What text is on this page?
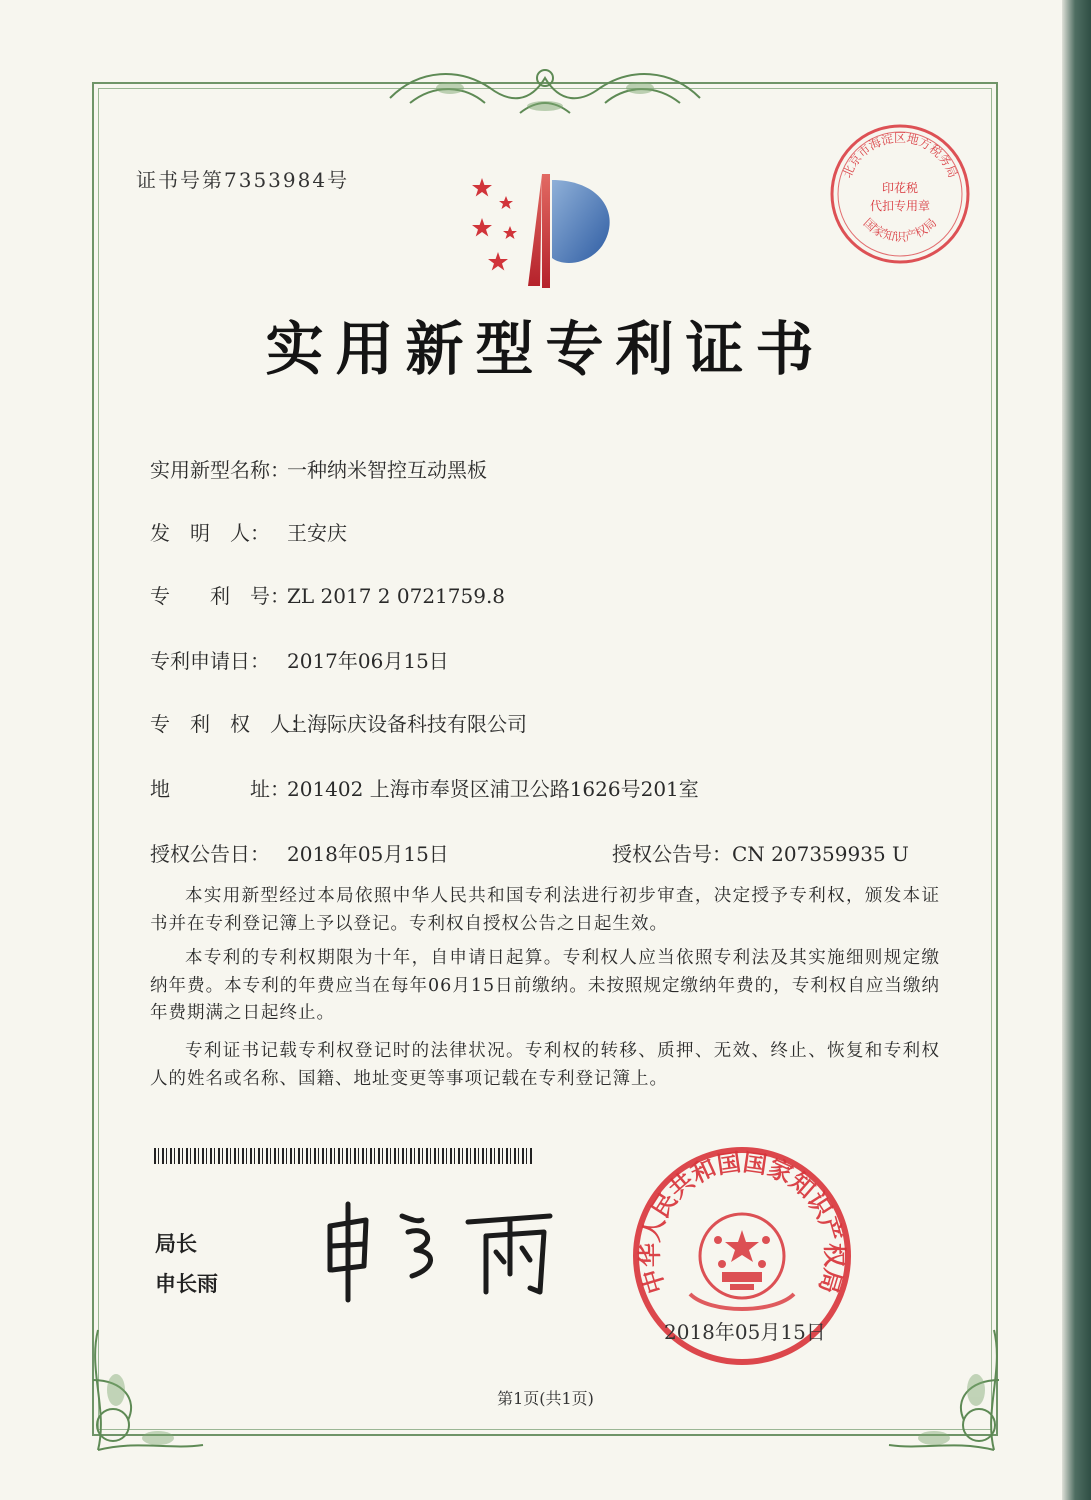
证书号第7353984号	北京市海淀区地方税务局
印花税
代扣专用章
国家知识产权局
实用新型专利证书
实用新型名称：一种纳米智控互动黑板
发　明　人： 王安庆
专　　利　号：ZL 2017 2 0721759.8
专利申请日： 2017年06月15日
专　利　权　人：上海际庆设备科技有限公司
地　　　　址：201402 上海市奉贤区浦卫公路1626号201室
授权公告日： 2018年05月15日	授权公告号：CN 207359935 U
本实用新型经过本局依照中华人民共和国专利法进行初步审查，决定授予专利权，颁发本证书并在专利登记簿上予以登记。专利权自授权公告之日起生效。
本专利的专利权期限为十年，自申请日起算。专利权人应当依照专利法及其实施细则规定缴纳年费。本专利的年费应当在每年06月15日前缴纳。未按照规定缴纳年费的，专利权自应当缴纳年费期满之日起终止。
专利证书记载专利权登记时的法律状况。专利权的转移、质押、无效、终止、恢复和专利权人的姓名或名称、国籍、地址变更等事项记载在专利登记簿上。
局长
申长雨	中华人民共和国国家知识产权局
2018年05月15日
第1页(共1页)
